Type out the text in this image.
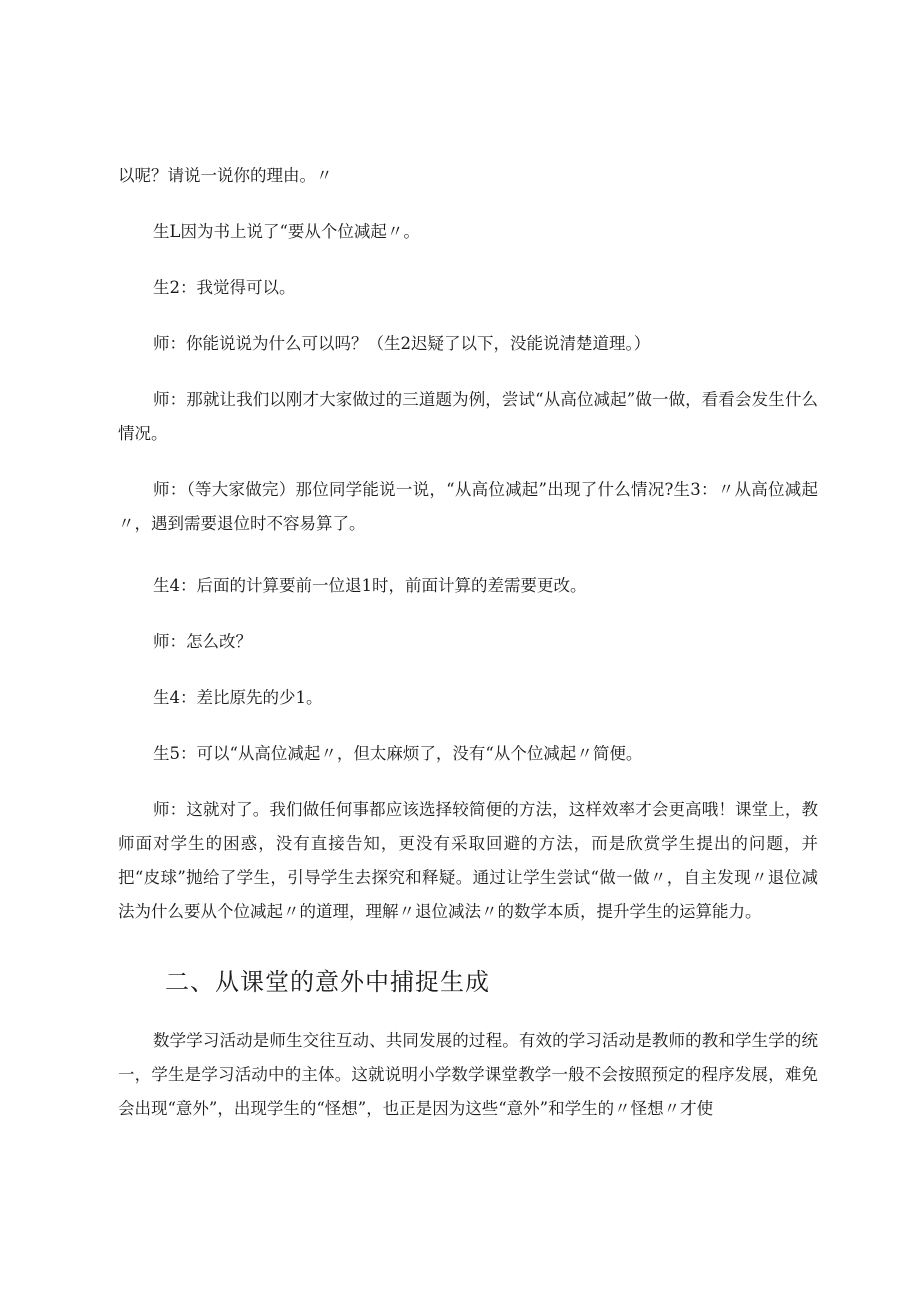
以呢？请说一说你的理由。〃

生L因为书上说了“要从个位减起〃。

生2：我觉得可以。

师：你能说说为什么可以吗？（生2迟疑了以下，没能说清楚道理。）

师：那就让我们以刚才大家做过的三道题为例，尝试“从高位减起”做一做，看看会发生什么情况。

师：（等大家做完）那位同学能说一说，“从高位减起”出现了什么情况?生3：〃从高位减起〃，遇到需要退位时不容易算了。

生4：后面的计算要前一位退1时，前面计算的差需要更改。

师：怎么改？

生4：差比原先的少1。

生5：可以“从高位减起〃，但太麻烦了，没有“从个位减起〃简便。

师：这就对了。我们做任何事都应该选择较简便的方法，这样效率才会更高哦！课堂上，教师面对学生的困惑，没有直接告知，更没有采取回避的方法，而是欣赏学生提出的问题，并把“皮球”抛给了学生，引导学生去探究和释疑。通过让学生尝试“做一做〃，自主发现〃退位减法为什么要从个位减起〃的道理，理解〃退位减法〃的数学本质，提升学生的运算能力。

二、从课堂的意外中捕捉生成

数学学习活动是师生交往互动、共同发展的过程。有效的学习活动是教师的教和学生学的统一，学生是学习活动中的主体。这就说明小学数学课堂教学一般不会按照预定的程序发展，难免会出现“意外”，出现学生的“怪想”，也正是因为这些“意外”和学生的〃怪想〃才使
